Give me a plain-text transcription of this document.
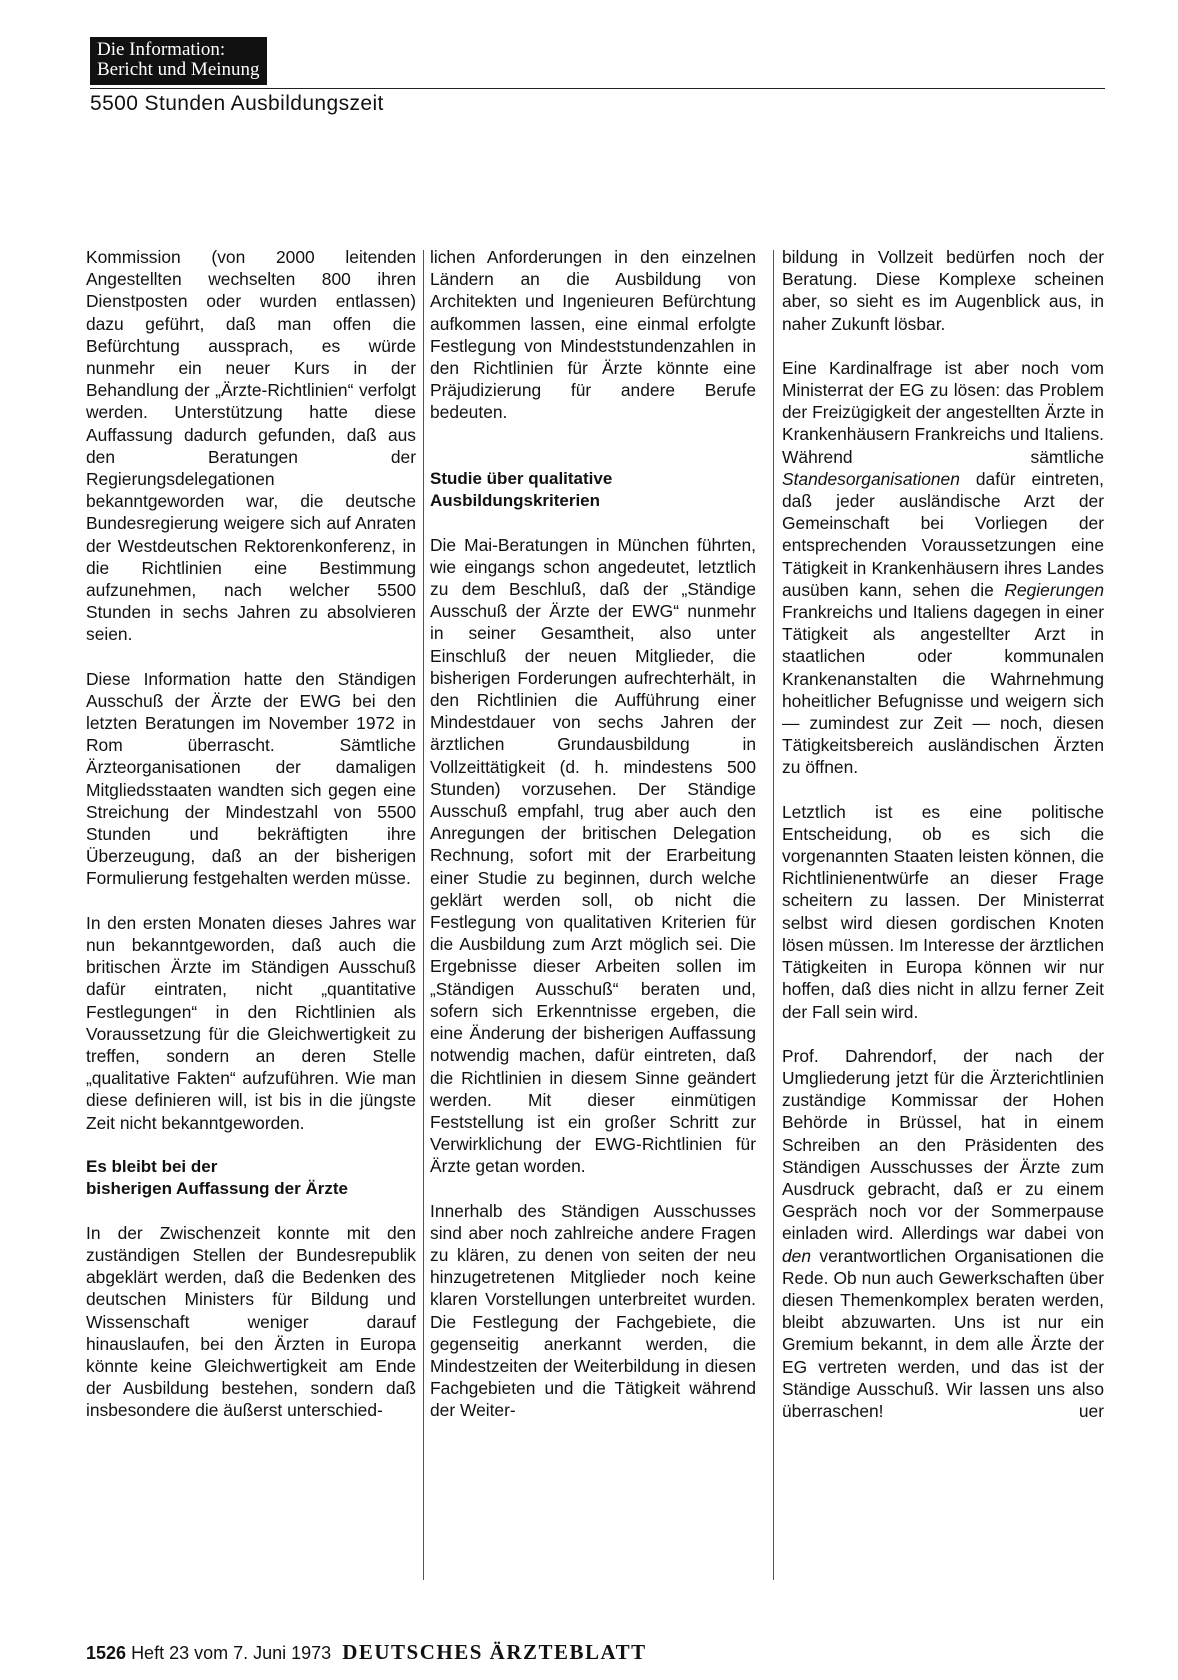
Die Information:
Bericht und Meinung
5500 Stunden Ausbildungszeit

Kommission (von 2000 leitenden Angestellten wechselten 800 ihren Dienstposten oder wurden entlassen) dazu geführt, daß man offen die Befürchtung aussprach, es würde nunmehr ein neuer Kurs in der Behandlung der „Ärzte-Richtlinien“ verfolgt werden. Unterstützung hatte diese Auffassung dadurch gefunden, daß aus den Beratungen der Regierungsdelegationen bekanntgeworden war, die deutsche Bundesregierung weigere sich auf Anraten der Westdeutschen Rektorenkonferenz, in die Richtlinien eine Bestimmung aufzunehmen, nach welcher 5500 Stunden in sechs Jahren zu absolvieren seien.

Diese Information hatte den Ständigen Ausschuß der Ärzte der EWG bei den letzten Beratungen im November 1972 in Rom überrascht. Sämtliche Ärzteorganisationen der damaligen Mitgliedsstaaten wandten sich gegen eine Streichung der Mindestzahl von 5500 Stunden und bekräftigten ihre Überzeugung, daß an der bisherigen Formulierung festgehalten werden müsse.

In den ersten Monaten dieses Jahres war nun bekanntgeworden, daß auch die britischen Ärzte im Ständigen Ausschuß dafür eintraten, nicht „quantitative Festlegungen“ in den Richtlinien als Voraussetzung für die Gleichwertigkeit zu treffen, sondern an deren Stelle „qualitative Fakten“ aufzuführen. Wie man diese definieren will, ist bis in die jüngste Zeit nicht bekanntgeworden.

Es bleibt bei der
bisherigen Auffassung der Ärzte

In der Zwischenzeit konnte mit den zuständigen Stellen der Bundesrepublik abgeklärt werden, daß die Bedenken des deutschen Ministers für Bildung und Wissenschaft weniger darauf hinauslaufen, bei den Ärzten in Europa könnte keine Gleichwertigkeit am Ende der Ausbildung bestehen, sondern daß insbesondere die äußerst unterschied-

lichen Anforderungen in den einzelnen Ländern an die Ausbildung von Architekten und Ingenieuren Befürchtung aufkommen lassen, eine einmal erfolgte Festlegung von Mindeststundenzahlen in den Richtlinien für Ärzte könnte eine Präjudizierung für andere Berufe bedeuten.

Studie über qualitative
Ausbildungskriterien

Die Mai-Beratungen in München führten, wie eingangs schon angedeutet, letztlich zu dem Beschluß, daß der „Ständige Ausschuß der Ärzte der EWG“ nunmehr in seiner Gesamtheit, also unter Einschluß der neuen Mitglieder, die bisherigen Forderungen aufrechterhält, in den Richtlinien die Aufführung einer Mindestdauer von sechs Jahren der ärztlichen Grundausbildung in Vollzeittätigkeit (d. h. mindestens 500 Stunden) vorzusehen. Der Ständige Ausschuß empfahl, trug aber auch den Anregungen der britischen Delegation Rechnung, sofort mit der Erarbeitung einer Studie zu beginnen, durch welche geklärt werden soll, ob nicht die Festlegung von qualitativen Kriterien für die Ausbildung zum Arzt möglich sei. Die Ergebnisse dieser Arbeiten sollen im „Ständigen Ausschuß“ beraten und, sofern sich Erkenntnisse ergeben, die eine Änderung der bisherigen Auffassung notwendig machen, dafür eintreten, daß die Richtlinien in diesem Sinne geändert werden. Mit dieser einmütigen Feststellung ist ein großer Schritt zur Verwirklichung der EWG-Richtlinien für Ärzte getan worden.

Innerhalb des Ständigen Ausschusses sind aber noch zahlreiche andere Fragen zu klären, zu denen von seiten der neu hinzugetretenen Mitglieder noch keine klaren Vorstellungen unterbreitet wurden. Die Festlegung der Fachgebiete, die gegenseitig anerkannt werden, die Mindestzeiten der Weiterbildung in diesen Fachgebieten und die Tätigkeit während der Weiter-

bildung in Vollzeit bedürfen noch der Beratung. Diese Komplexe scheinen aber, so sieht es im Augenblick aus, in naher Zukunft lösbar.

Eine Kardinalfrage ist aber noch vom Ministerrat der EG zu lösen: das Problem der Freizügigkeit der angestellten Ärzte in Krankenhäusern Frankreichs und Italiens. Während sämtliche Standesorganisationen dafür eintreten, daß jeder ausländische Arzt der Gemeinschaft bei Vorliegen der entsprechenden Voraussetzungen eine Tätigkeit in Krankenhäusern ihres Landes ausüben kann, sehen die Regierungen Frankreichs und Italiens dagegen in einer Tätigkeit als angestellter Arzt in staatlichen oder kommunalen Krankenanstalten die Wahrnehmung hoheitlicher Befugnisse und weigern sich — zumindest zur Zeit — noch, diesen Tätigkeitsbereich ausländischen Ärzten zu öffnen.

Letztlich ist es eine politische Entscheidung, ob es sich die vorgenannten Staaten leisten können, die Richtlinienentwürfe an dieser Frage scheitern zu lassen. Der Ministerrat selbst wird diesen gordischen Knoten lösen müssen. Im Interesse der ärztlichen Tätigkeiten in Europa können wir nur hoffen, daß dies nicht in allzu ferner Zeit der Fall sein wird.

Prof. Dahrendorf, der nach der Umgliederung jetzt für die Ärzterichtlinien zuständige Kommissar der Hohen Behörde in Brüssel, hat in einem Schreiben an den Präsidenten des Ständigen Ausschusses der Ärzte zum Ausdruck gebracht, daß er zu einem Gespräch noch vor der Sommerpause einladen wird. Allerdings war dabei von den verantwortlichen Organisationen die Rede. Ob nun auch Gewerkschaften über diesen Themenkomplex beraten werden, bleibt abzuwarten. Uns ist nur ein Gremium bekannt, in dem alle Ärzte der EG vertreten werden, und das ist der Ständige Ausschuß. Wir lassen uns also überraschen!	uer

1526 Heft 23 vom 7. Juni 1973 DEUTSCHES ÄRZTEBLATT
